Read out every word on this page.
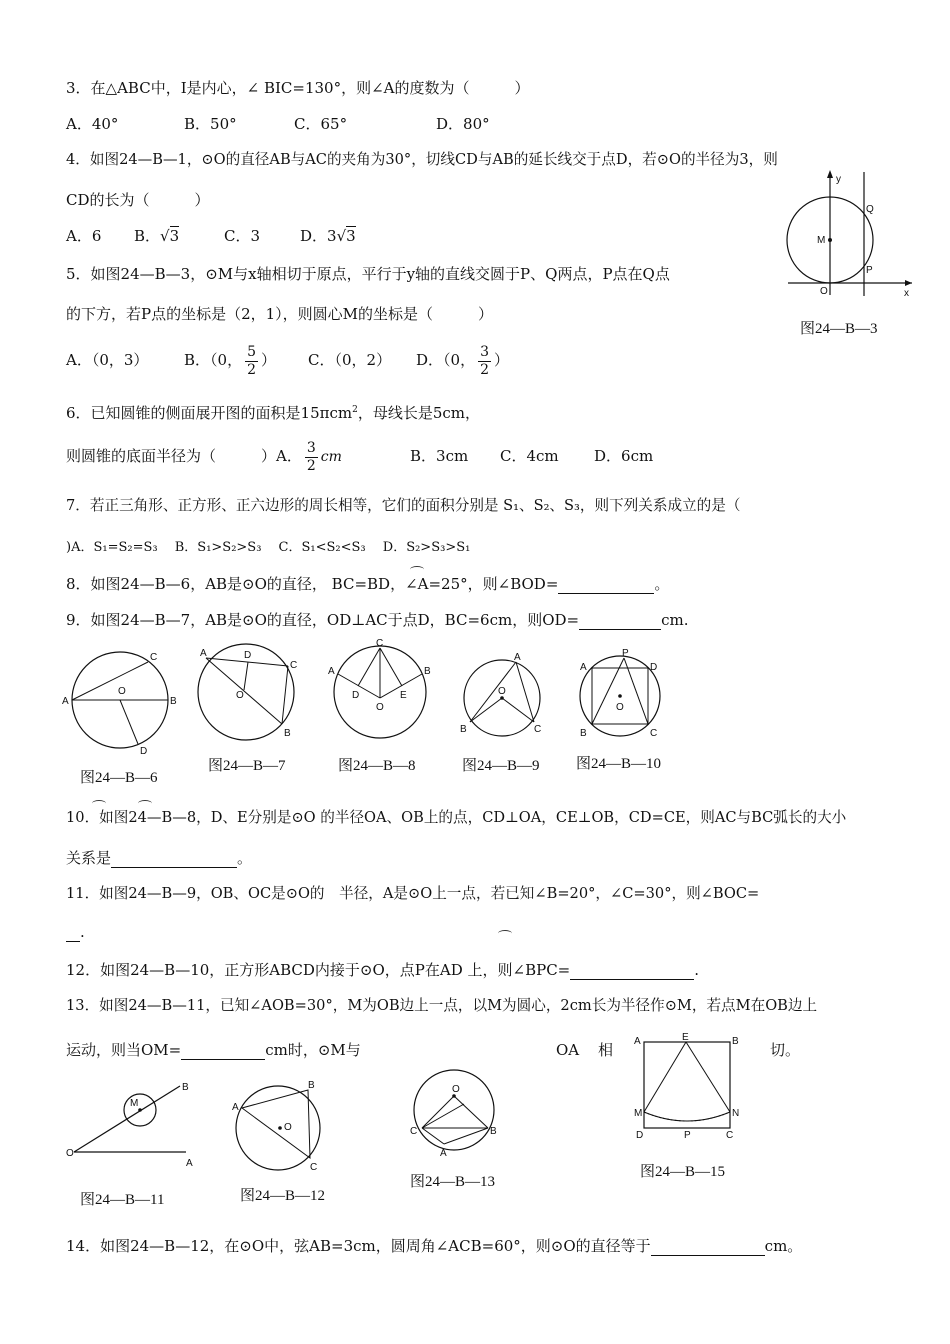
3．在△ABC中，I是内心，∠ BIC=130°，则∠A的度数为（　　　）
A．40°	B．50°	C．65°	D．80°
4．如图24—B—1，⊙O的直径AB与AC的夹角为30°，切线CD与AB的延长线交于点D，若⊙O的半径为3，则
CD的长为（　　　）
A．6 B．√3	C．3	D．3√3
y
M
Q
P
O	x
图24—B—3
5．如图24—B—3，⊙M与x轴相切于原点，平行于y轴的直线交圆于P、Q两点，P点在Q点
的下方，若P点的坐标是（2，1），则圆心M的坐标是（　　　）
A．（0，3） B．（0， $\frac{5}{2}$ ） C．（0，2） D．（0， $\frac{3}{2}$ ）
6．已知圆锥的侧面展开图的面积是15πcm$^2$，母线长是5cm，
则圆锥的底面半径为（　　　）A． $\frac{3}{2}$ cm	B．3cm C．4cm D．6cm
7．若正三角形、正方形、正六边形的周长相等，它们的面积分别是 S₁、S₂、S₃，则下列关系成立的是（
)A．S₁=S₂=S₃　 B．S₁>S₂>S₃　 C．S₁<S₂<S₃　 D．S₂>S₃>S₁
8．如图24—B—6，AB是⊙O的直径， BC=BD，∠A=25°，则∠BOD=	。
9．如图24—B—7，AB是⊙O的直径，OD⊥AC于点D，BC=6cm，则OD=	cm.
A	B
C
D
O
图24—B—6
A
C
B
D
O
图24—B—7
A	B
C
D	E
O
图24—B—8
A
B	C
O
图24—B—9
P
A	D
B	C
O
图24—B—10
10．如图24—B—8，D、E分别是⊙O 的半径OA、OB上的点，CD⊥OA，CE⊥OB，CD=CE，则AC与BC弧长的大小
关系是	。
11．如图24—B—9，OB、OC是⊙O的　半径，A是⊙O上一点，若已知∠B=20°，∠C=30°，则∠BOC=
.
12．如图24—B—10，正方形ABCD内接于⊙O，点P在AD 上，则∠BPC=	.
13．如图24—B—11，已知∠AOB=30°，M为OB边上一点，以M为圆心，2cm长为半径作⊙M，若点M在OB边上
运动，则当OM=	cm时，⊙M与	OA 相	切。
O
B
A
M
图24—B—11
B
A
C
O
图24—B—12
O
C	B
A
图24—B—13
A	B
E
M	N
D	P	C
图24—B—15
14．如图24—B—12，在⊙O中，弦AB=3cm，圆周角∠ACB=60°，则⊙O的直径等于	cm。
